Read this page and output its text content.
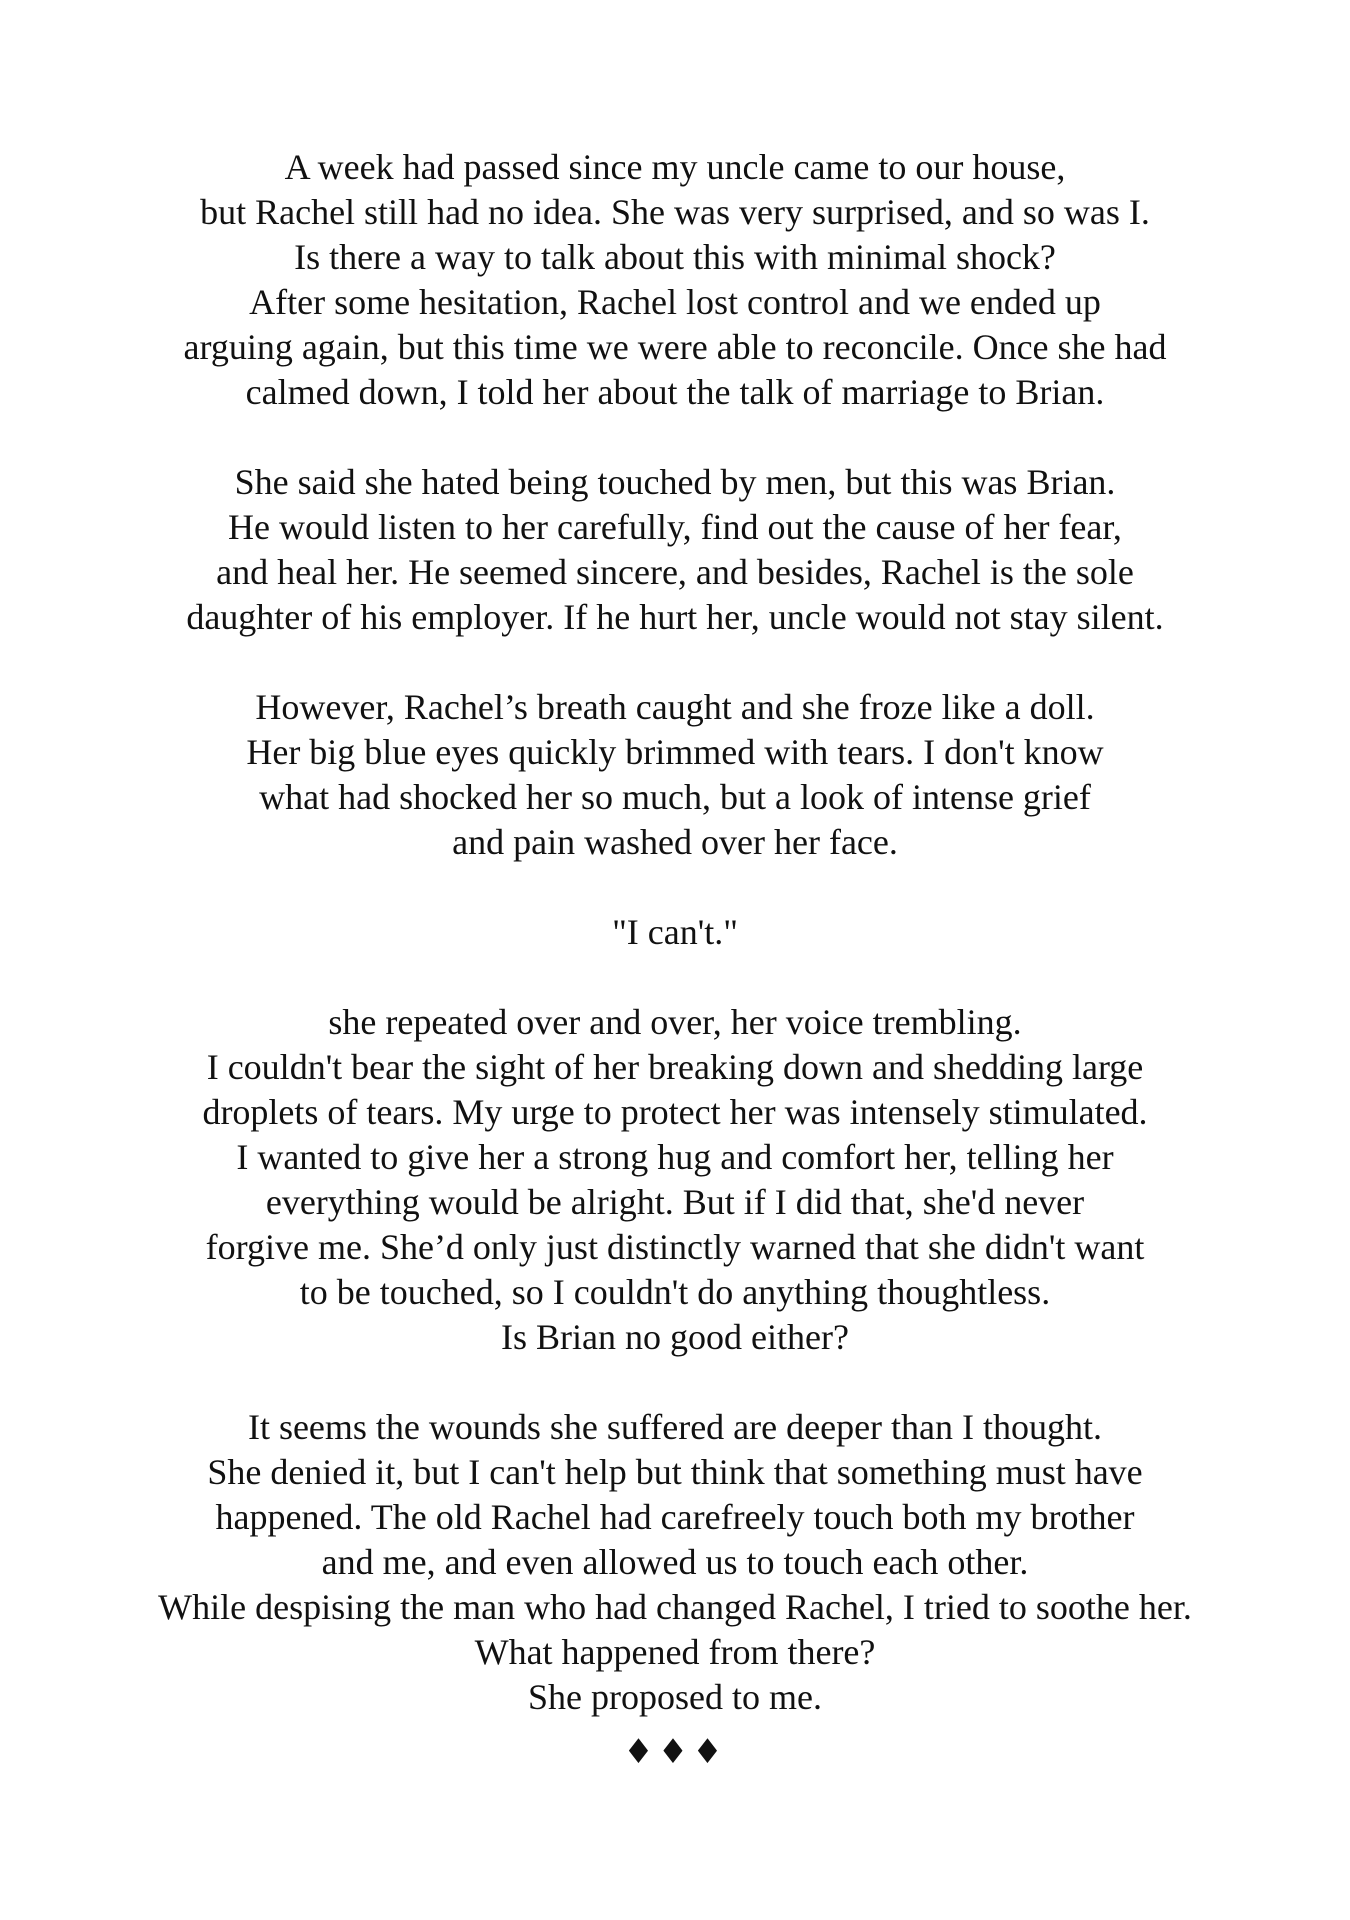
A week had passed since my uncle came to our house,
but Rachel still had no idea. She was very surprised, and so was I.
Is there a way to talk about this with minimal shock?
After some hesitation, Rachel lost control and we ended up
arguing again, but this time we were able to reconcile. Once she had
calmed down, I told her about the talk of marriage to Brian.
She said she hated being touched by men, but this was Brian.
He would listen to her carefully, find out the cause of her fear,
and heal her. He seemed sincere, and besides, Rachel is the sole
daughter of his employer. If he hurt her, uncle would not stay silent.
However, Rachel’s breath caught and she froze like a doll.
Her big blue eyes quickly brimmed with tears. I don't know
what had shocked her so much, but a look of intense grief
and pain washed over her face.
"I can't."
she repeated over and over, her voice trembling.
I couldn't bear the sight of her breaking down and shedding large
droplets of tears. My urge to protect her was intensely stimulated.
I wanted to give her a strong hug and comfort her, telling her
everything would be alright. But if I did that, she'd never
forgive me. She’d only just distinctly warned that she didn't want
to be touched, so I couldn't do anything thoughtless.
Is Brian no good either?
It seems the wounds she suffered are deeper than I thought.
She denied it, but I can't help but think that something must have
happened. The old Rachel had carefreely touch both my brother
and me, and even allowed us to touch each other.
While despising the man who had changed Rachel, I tried to soothe her.
What happened from there?
She proposed to me.
♦♦♦
